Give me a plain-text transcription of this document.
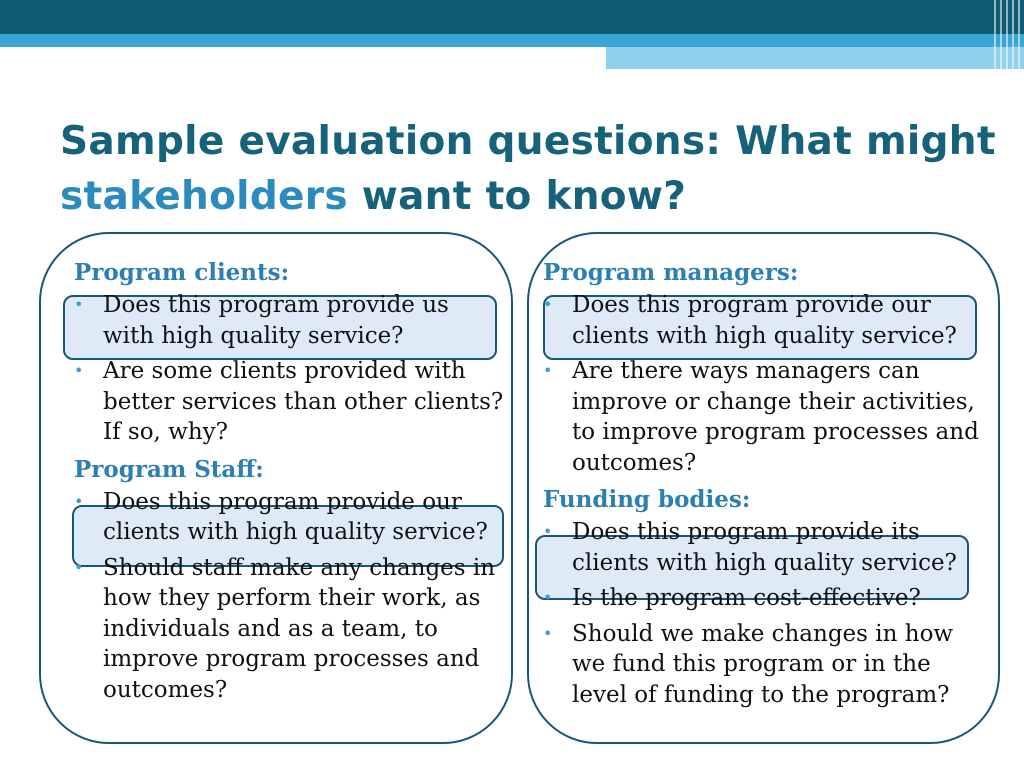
Sample evaluation questions: What might
stakeholders want to know?

Program clients:

• Does this program provide us with high quality service?
• Are some clients provided with better services than other clients? If so, why?

Program Staff:

• Does this program provide our clients with high quality service?
• Should staff make any changes in how they perform their work, as individuals and as a team, to improve program processes and outcomes?

Program managers:

• Does this program provide our clients with high quality service?
• Are there ways managers can improve or change their activities, to improve program processes and outcomes?

Funding bodies:

• Does this program provide its clients with high quality service?
• Is the program cost-effective?
• Should we make changes in how we fund this program or in the level of funding to the program?
